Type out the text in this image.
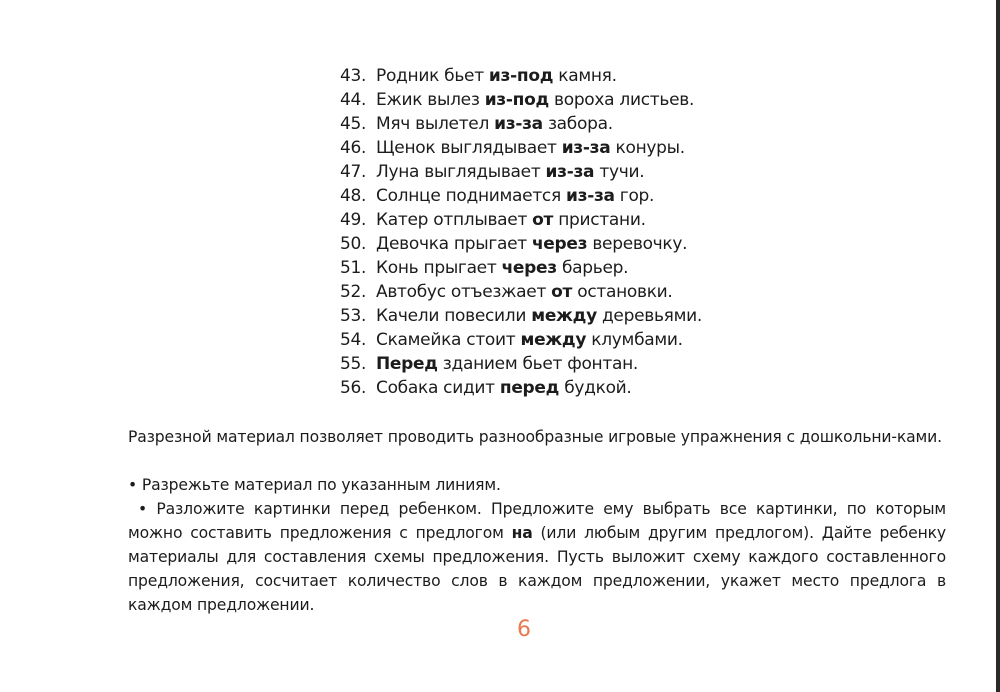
43. Родник бьет из-под камня.
44. Ежик вылез из-под вороха листьев.
45. Мяч вылетел из-за забора.
46. Щенок выглядывает из-за конуры.
47. Луна выглядывает из-за тучи.
48. Солнце поднимается из-за гор.
49. Катер отплывает от пристани.
50. Девочка прыгает через веревочку.
51. Конь прыгает через барьер.
52. Автобус отъезжает от остановки.
53. Качели повесили между деревьями.
54. Скамейка стоит между клумбами.
55. Перед зданием бьет фонтан.
56. Собака сидит перед будкой.

Разрезной материал позволяет проводить разнообразные игровые упражнения с дошкольни-ками.

• Разрежьте материал по указанным линиям.

• Разложите картинки перед ребенком. Предложите ему выбрать все картинки, по которым можно составить предложения с предлогом на (или любым другим предлогом). Дайте ребенку материалы для составления схемы предложения. Пусть выложит схему каждого составленного предложения, сосчитает количество слов в каждом предложении, укажет место предлога в каждом предложении.

6
